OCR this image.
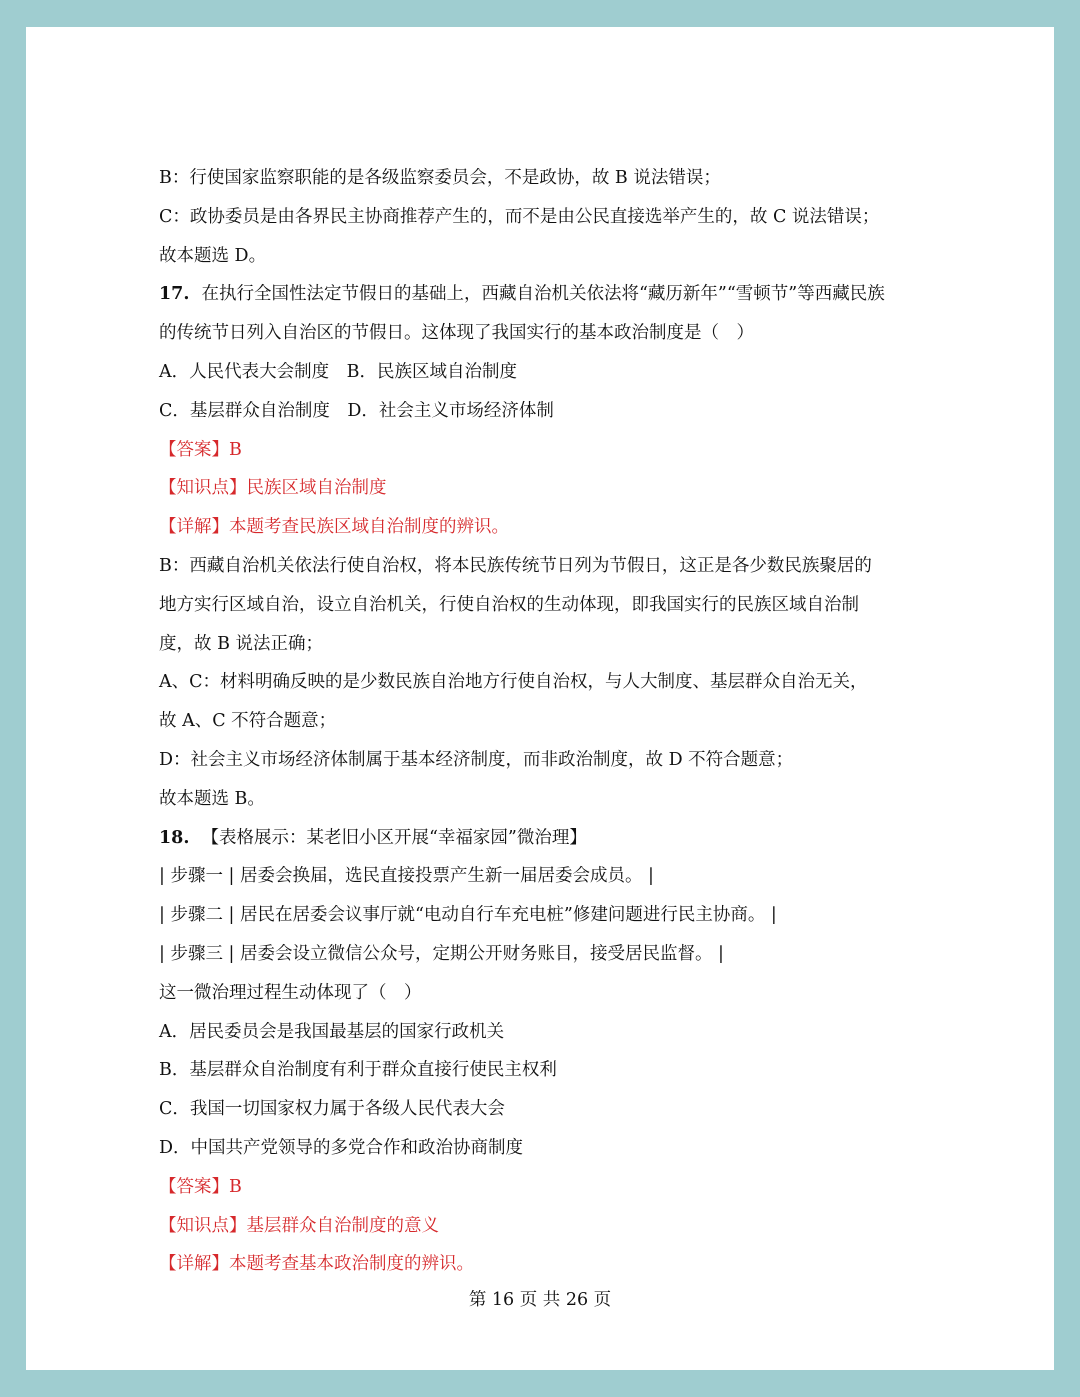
B：行使国家监察职能的是各级监察委员会，不是政协，故 B 说法错误；
C：政协委员是由各界民主协商推荐产生的，而不是由公民直接选举产生的，故 C 说法错误；
故本题选 D。
17. 在执行全国性法定节假日的基础上，西藏自治机关依法将“藏历新年”“雪顿节”等西藏民族
的传统节日列入自治区的节假日。这体现了我国实行的基本政治制度是（　）
A．人民代表大会制度　B．民族区域自治制度
C．基层群众自治制度　D．社会主义市场经济体制
【答案】B
【知识点】民族区域自治制度
【详解】本题考查民族区域自治制度的辨识。
B：西藏自治机关依法行使自治权，将本民族传统节日列为节假日，这正是各少数民族聚居的
地方实行区域自治，设立自治机关，行使自治权的生动体现，即我国实行的民族区域自治制
度，故 B 说法正确；
A、C：材料明确反映的是少数民族自治地方行使自治权，与人大制度、基层群众自治无关，
故 A、C 不符合题意；
D：社会主义市场经济体制属于基本经济制度，而非政治制度，故 D 不符合题意；
故本题选 B。
18. 【表格展示：某老旧小区开展“幸福家园”微治理】
| 步骤一 | 居委会换届，选民直接投票产生新一届居委会成员。 |
| 步骤二 | 居民在居委会议事厅就“电动自行车充电桩”修建问题进行民主协商。 |
| 步骤三 | 居委会设立微信公众号，定期公开财务账目，接受居民监督。 |
这一微治理过程生动体现了（　）
A．居民委员会是我国最基层的国家行政机关
B．基层群众自治制度有利于群众直接行使民主权利
C．我国一切国家权力属于各级人民代表大会
D．中国共产党领导的多党合作和政治协商制度
【答案】B
【知识点】基层群众自治制度的意义
【详解】本题考查基本政治制度的辨识。
第 16 页 共 26 页
